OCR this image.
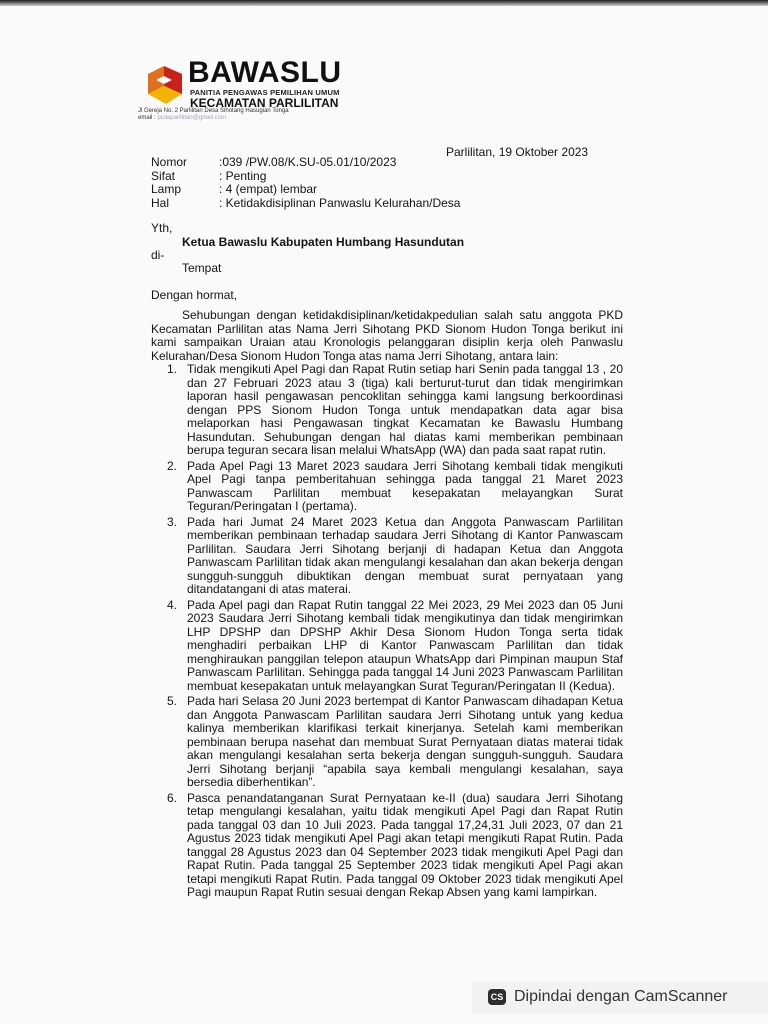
BAWASLU
PANITIA PENGAWAS PEMILIHAN UMUM
KECAMATAN PARLILITAN
Jl Gereja No. 2 Parlilitan Desa Sihotang Hasugian Tonga
email : pcdaparlilitan@gmail.com
Parlilitan, 19 Oktober 2023
Nomor	:039 /PW.08/K.SU-05.01/10/2023
Sifat	: Penting
Lamp	: 4 (empat) lembar
Hal	: Ketidakdisiplinan Panwaslu Kelurahan/Desa
Yth,
Ketua Bawaslu Kabupaten Humbang Hasundutan
di-
Tempat
Dengan hormat,

Sehubungan dengan ketidakdisiplinan/ketidakpedulian salah satu anggota PKD Kecamatan Parlilitan atas Nama Jerri Sihotang PKD Sionom Hudon Tonga berikut ini kami sampaikan Uraian atau Kronologis pelanggaran disiplin kerja oleh Panwaslu Kelurahan/Desa Sionom Hudon Tonga atas nama Jerri Sihotang, antara lain:

1. Tidak mengikuti Apel Pagi dan Rapat Rutin setiap hari Senin pada tanggal 13 , 20 dan 27 Februari 2023 atau 3 (tiga) kali berturut-turut dan tidak mengirimkan laporan hasil pengawasan pencoklitan sehingga kami langsung berkoordinasi dengan PPS Sionom Hudon Tonga untuk mendapatkan data agar bisa melaporkan hasi Pengawasan tingkat Kecamatan ke Bawaslu Humbang Hasundutan. Sehubungan dengan hal diatas kami memberikan pembinaan berupa teguran secara lisan melalui WhatsApp (WA) dan pada saat rapat rutin.
2. Pada Apel Pagi 13 Maret 2023 saudara Jerri Sihotang kembali tidak mengikuti Apel Pagi tanpa pemberitahuan sehingga pada tanggal 21 Maret 2023 Panwascam Parlilitan membuat kesepakatan melayangkan Surat Teguran/Peringatan I (pertama).
3. Pada hari Jumat 24 Maret 2023 Ketua dan Anggota Panwascam Parlilitan memberikan pembinaan terhadap saudara Jerri Sihotang di Kantor Panwascam Parlilitan. Saudara Jerri Sihotang berjanji di hadapan Ketua dan Anggota Panwascam Parlilitan tidak akan mengulangi kesalahan dan akan bekerja dengan sungguh-sungguh dibuktikan dengan membuat surat pernyataan yang ditandatangani di atas materai.
4. Pada Apel pagi dan Rapat Rutin tanggal 22 Mei 2023, 29 Mei 2023 dan 05 Juni 2023 Saudara Jerri Sihotang kembali tidak mengikutinya dan tidak mengirimkan LHP DPSHP dan DPSHP Akhir Desa Sionom Hudon Tonga serta tidak menghadiri perbaikan LHP di Kantor Panwascam Parlilitan dan tidak menghiraukan panggilan telepon ataupun WhatsApp dari Pimpinan maupun Staf Panwascam Parlilitan. Sehingga pada tanggal 14 Juni 2023 Panwascam Parlilitan membuat kesepakatan untuk melayangkan Surat Teguran/Peringatan II (Kedua).
5. Pada hari Selasa 20 Juni 2023 bertempat di Kantor Panwascam dihadapan Ketua dan Anggota Panwascam Parlilitan saudara Jerri Sihotang untuk yang kedua kalinya memberikan klarifikasi terkait kinerjanya. Setelah kami memberikan pembinaan berupa nasehat dan membuat Surat Pernyataan diatas materai tidak akan mengulangi kesalahan serta bekerja dengan sungguh-sungguh. Saudara Jerri Sihotang berjanji “apabila saya kembali mengulangi kesalahan, saya bersedia diberhentikan”.
6. Pasca penandatanganan Surat Pernyataan ke-II (dua) saudara Jerri Sihotang tetap mengulangi kesalahan, yaitu tidak mengikuti Apel Pagi dan Rapat Rutin pada tanggal 03 dan 10 Juli 2023. Pada tanggal 17,24,31 Juli 2023, 07 dan 21 Agustus 2023 tidak mengikuti Apel Pagi akan tetapi mengikuti Rapat Rutin. Pada tanggal 28 Agustus 2023 dan 04 September 2023 tidak mengikuti Apel Pagi dan Rapat Rutin. Pada tanggal 25 September 2023 tidak mengikuti Apel Pagi akan tetapi mengikuti Rapat Rutin. Pada tanggal 09 Oktober 2023 tidak mengikuti Apel Pagi maupun Rapat Rutin sesuai dengan Rekap Absen yang kami lampirkan.
CS Dipindai dengan CamScanner
